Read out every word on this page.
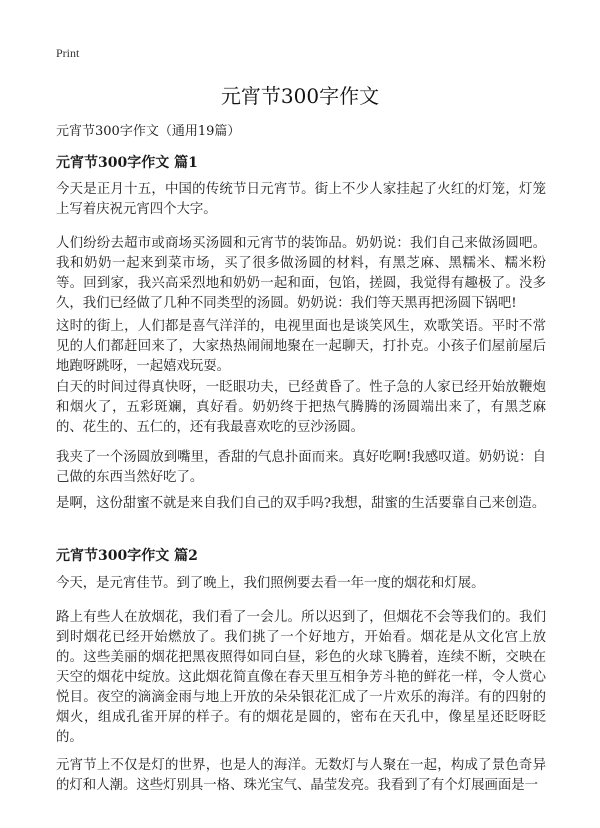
Print
元宵节300字作文

元宵节300字作文（通用19篇）

元宵节300字作文 篇1

今天是正月十五，中国的传统节日元宵节。街上不少人家挂起了火红的灯笼，灯笼上写着庆祝元宵四个大字。

人们纷纷去超市或商场买汤圆和元宵节的装饰品。奶奶说：我们自己来做汤圆吧。我和奶奶一起来到菜市场，买了很多做汤圆的材料，有黑芝麻、黑糯米、糯米粉等。回到家，我兴高采烈地和奶奶一起和面，包馅，搓圆，我觉得有趣极了。没多久，我们已经做了几种不同类型的汤圆。奶奶说：我们等天黑再把汤圆下锅吧!

这时的街上，人们都是喜气洋洋的，电视里面也是谈笑风生，欢歌笑语。平时不常见的人们都赶回来了，大家热热闹闹地聚在一起聊天，打扑克。小孩子们屋前屋后地跑呀跳呀，一起嬉戏玩耍。

白天的时间过得真快呀，一眨眼功夫，已经黄昏了。性子急的人家已经开始放鞭炮和烟火了，五彩斑斓，真好看。奶奶终于把热气腾腾的汤圆端出来了，有黑芝麻的、花生的、五仁的，还有我最喜欢吃的豆沙汤圆。

我夹了一个汤圆放到嘴里，香甜的气息扑面而来。真好吃啊!我感叹道。奶奶说：自己做的东西当然好吃了。

是啊，这份甜蜜不就是来自我们自己的双手吗?我想，甜蜜的生活要靠自己来创造。

元宵节300字作文 篇2

今天，是元宵佳节。到了晚上，我们照例要去看一年一度的烟花和灯展。

路上有些人在放烟花，我们看了一会儿。所以迟到了，但烟花不会等我们的。我们到时烟花已经开始燃放了。我们挑了一个好地方，开始看。烟花是从文化宫上放的。这些美丽的烟花把黑夜照得如同白昼，彩色的火球飞腾着，连续不断，交映在天空的烟花中绽放。这此烟花简直像在春天里互相争芳斗艳的鲜花一样，令人赏心悦目。夜空的滴滴金雨与地上开放的朵朵银花汇成了一片欢乐的海洋。有的四射的烟火，组成孔雀开屏的样子。有的烟花是圆的，密布在天孔中，像星星还眨呀眨的。

元宵节上不仅是灯的世界，也是人的海洋。无数灯与人聚在一起，构成了景色奇异的灯和人潮。这些灯别具一格、珠光宝气、晶莹发亮。我看到了有个灯展画面是一
